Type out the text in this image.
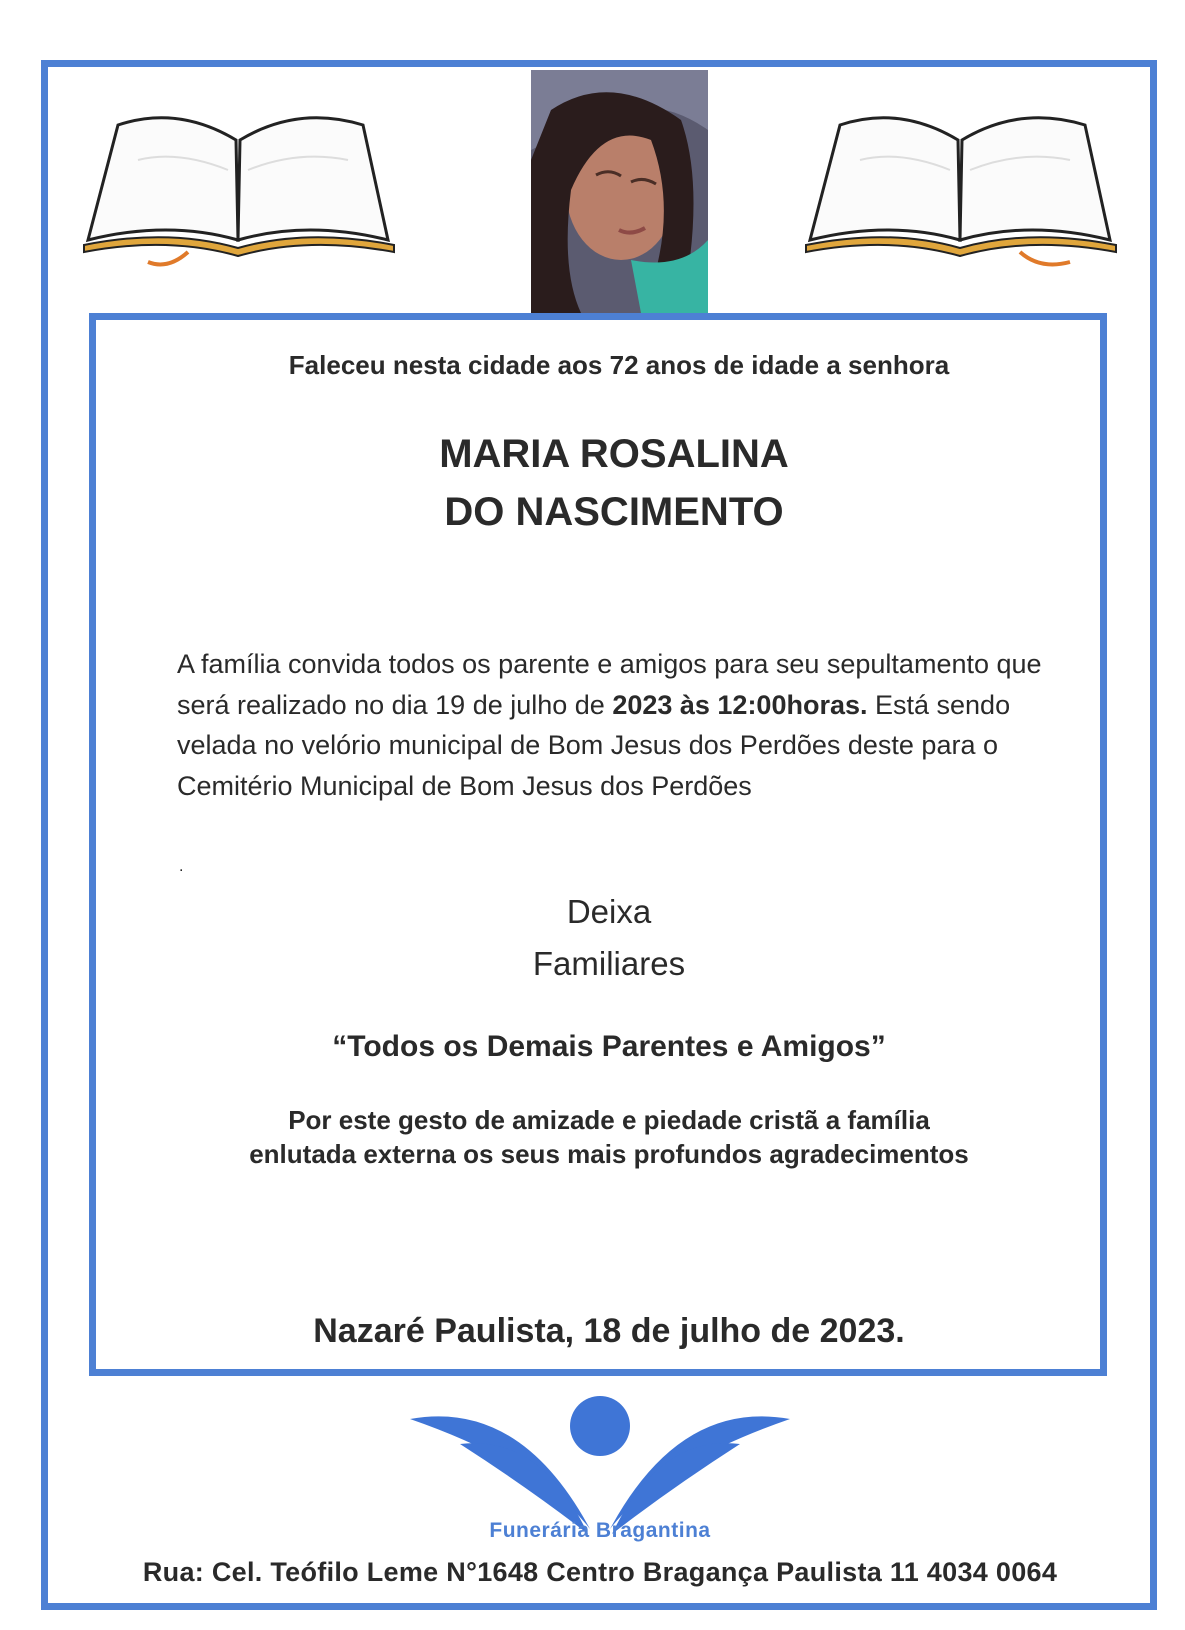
Faleceu nesta cidade aos 72 anos de idade a senhora
MARIA ROSALINA
DO NASCIMENTO
A família convida todos os parente e amigos para seu sepultamento que será realizado no dia 19 de julho de 2023 às 12:00horas. Está sendo velada no velório municipal de Bom Jesus dos Perdões deste para o Cemitério Municipal de Bom Jesus dos Perdões
.
Deixa
Familiares
“Todos os Demais Parentes e Amigos”
Por este gesto de amizade e piedade cristã a família
enlutada externa os seus mais profundos agradecimentos
Nazaré Paulista, 18 de julho de 2023.
Funerária Bragantina
Rua: Cel. Teófilo Leme N°1648 Centro Bragança Paulista 11 4034 0064
